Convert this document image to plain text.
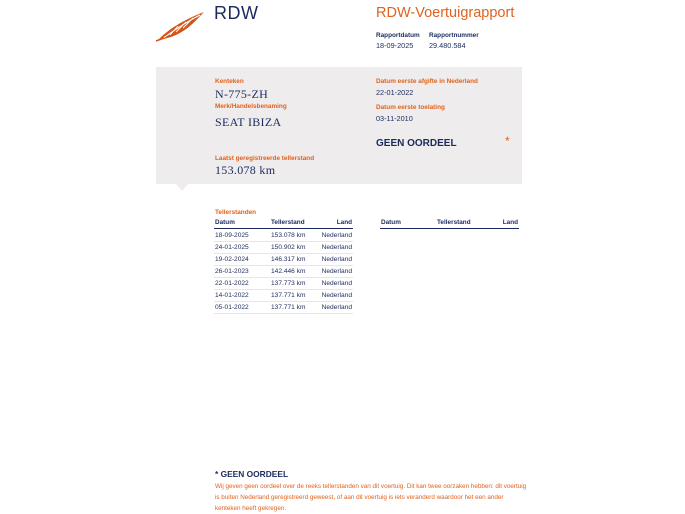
RDW	RDW-Voertuigrapport
Rapportdatum
18-09-2025
Rapportnummer
29.480.584
Kenteken
N-775-ZH
Merk/Handelsbenaming
SEAT IBIZA
Laatst geregistreerde tellerstand
153.078 km
Datum eerste afgifte in Nederland
22-01-2022
Datum eerste toelating
03-11-2010
GEEN OORDEEL	*
Tellerstanden
Datum	Tellerstand	Land	Datum	Tellerstand	Land
18-09-2025	153.078 km Nederland
24-01-2025	150.902 km Nederland
19-02-2024	146.317 km Nederland
26-01-2023	142.446 km Nederland
22-01-2022	137.773 km Nederland
14-01-2022	137.771 km Nederland
05-01-2022	137.771 km Nederland
* GEEN OORDEEL
Wij geven geen oordeel over de reeks tellerstanden van dit voertuig. Dit kan twee oorzaken hebben: dit voertuig is buiten Nederland geregistreerd geweest, of aan dit voertuig is iets veranderd waardoor het een ander kenteken heeft gekregen.
